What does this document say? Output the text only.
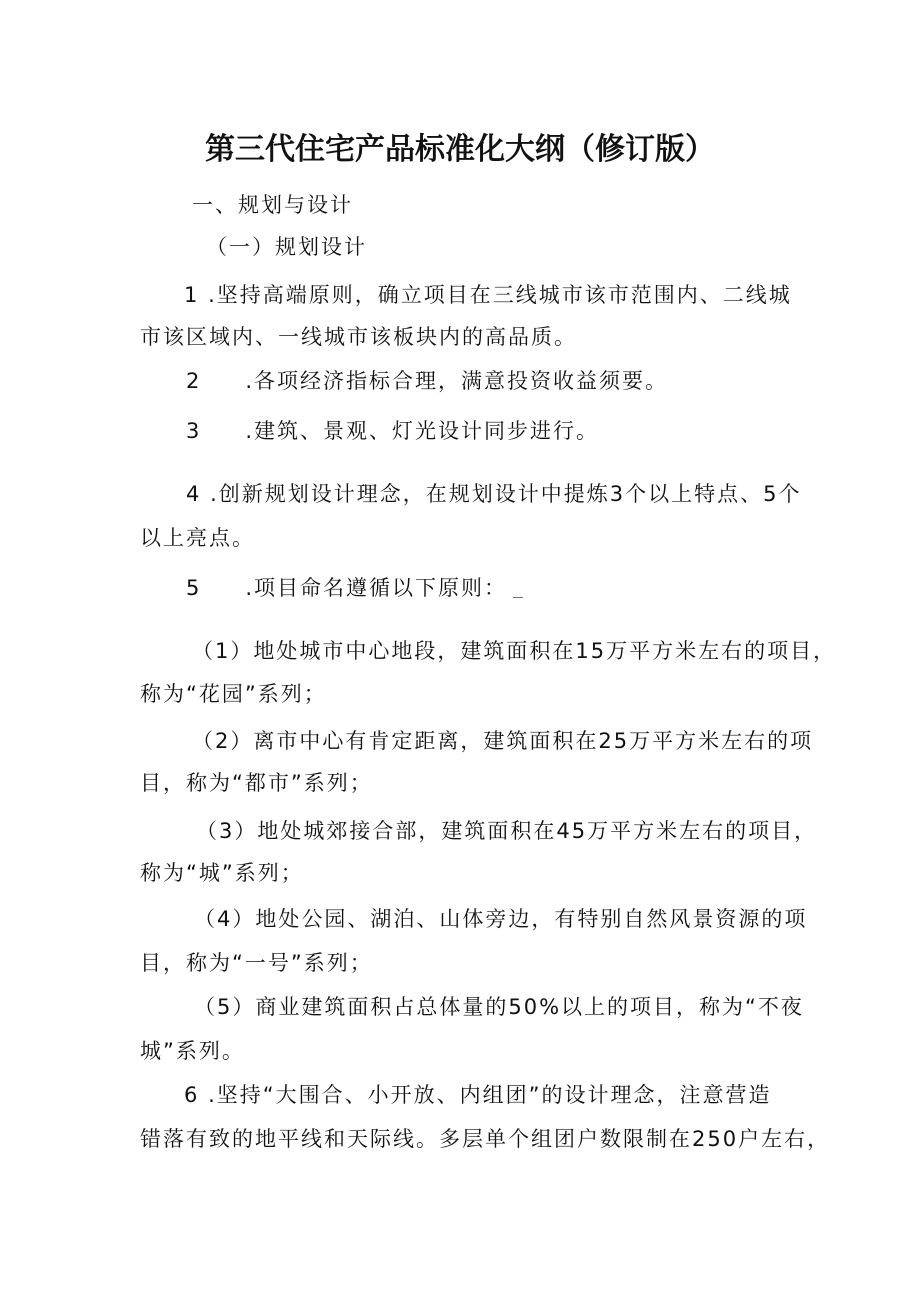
第三代住宅产品标准化大纲（修订版）
一、规划与设计
（一）规划设计
1 .坚持高端原则，确立项目在三线城市该市范围内、二线城
市该区域内、一线城市该板块内的高品质。
2 .各项经济指标合理，满意投资收益须要。
3 .建筑、景观、灯光设计同步进行。
4 .创新规划设计理念，在规划设计中提炼3个以上特点、5个
以上亮点。
5 .项目命名遵循以下原则：
（1）地处城市中心地段，建筑面积在15万平方米左右的项目，
称为“花园”系列；
（2）离市中心有肯定距离，建筑面积在25万平方米左右的项
目，称为“都市”系列；
（3）地处城郊接合部，建筑面积在45万平方米左右的项目，
称为“城”系列；
（4）地处公园、湖泊、山体旁边，有特别自然风景资源的项
目，称为“一号”系列；
（5）商业建筑面积占总体量的50%以上的项目，称为“不夜
城”系列。
6 .坚持“大围合、小开放、内组团”的设计理念，注意营造
错落有致的地平线和天际线。多层单个组团户数限制在250户左右，
